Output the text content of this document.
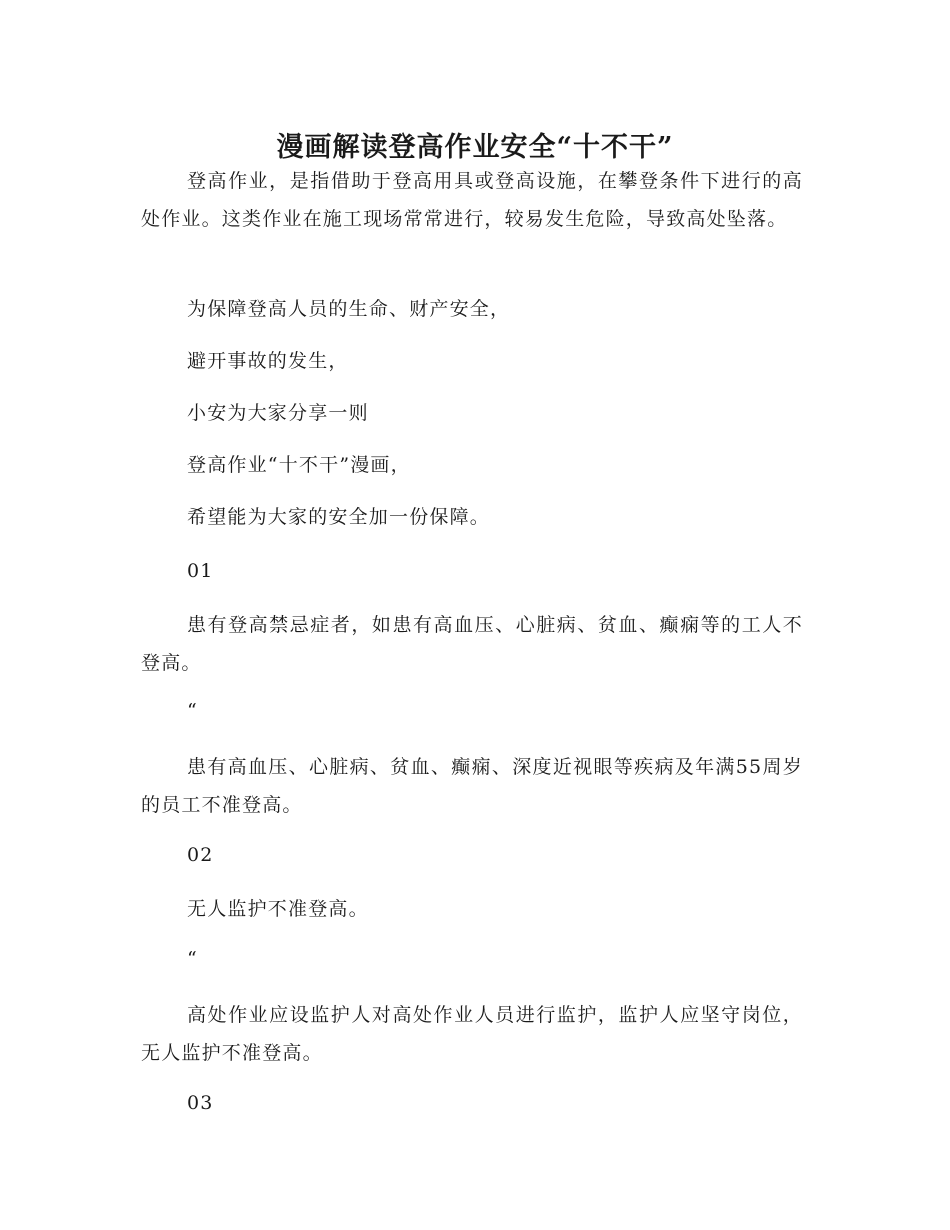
漫画解读登高作业安全“十不干”

登高作业，是指借助于登高用具或登高设施，在攀登条件下进行的高处作业。这类作业在施工现场常常进行，较易发生危险，导致高处坠落。

为保障登高人员的生命、财产安全，

避开事故的发生，

小安为大家分享一则

登高作业“十不干”漫画，

希望能为大家的安全加一份保障。

01

患有登高禁忌症者，如患有高血压、心脏病、贫血、癫痫等的工人不登高。

“

患有高血压、心脏病、贫血、癫痫、深度近视眼等疾病及年满55周岁的员工不准登高。

02

无人监护不准登高。

“

高处作业应设监护人对高处作业人员进行监护，监护人应坚守岗位，无人监护不准登高。

03
